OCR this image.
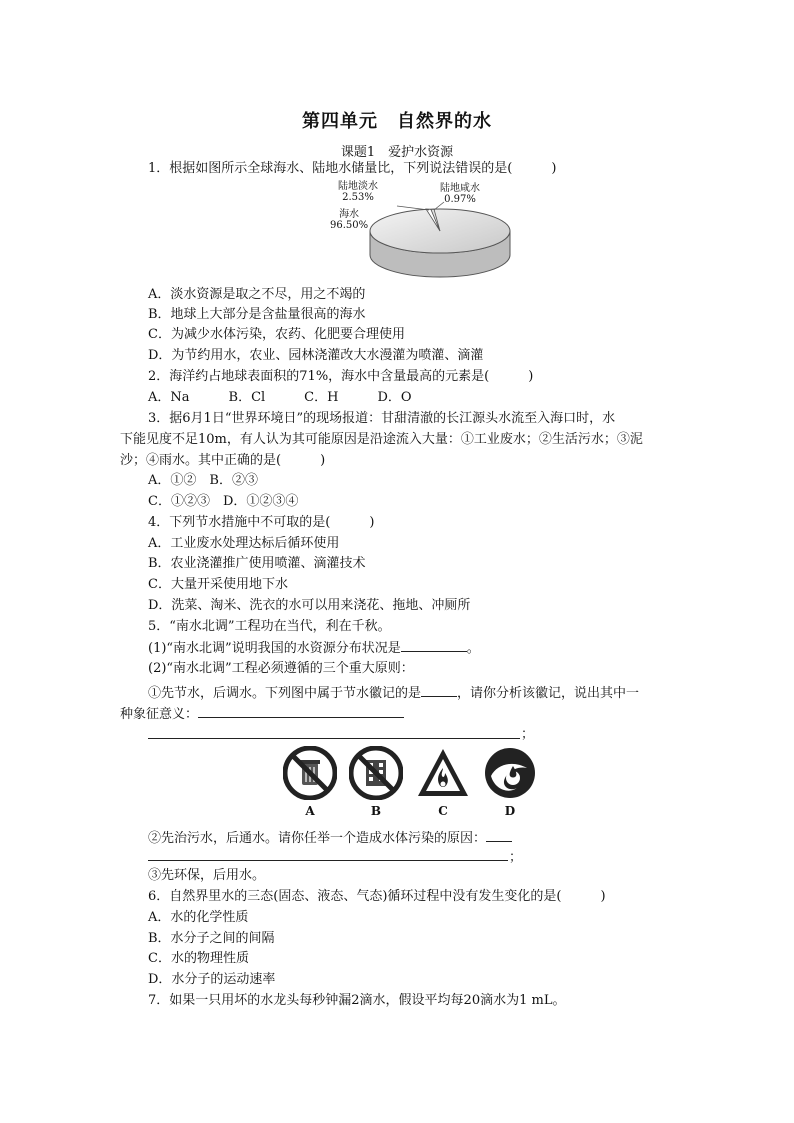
第四单元　自然界的水
课题1　爱护水资源
1．根据如图所示全球海水、陆地水储量比，下列说法错误的是(　　　)
海水
96.50%
陆地淡水
2.53%
陆地咸水
0.97%
A．淡水资源是取之不尽，用之不竭的
B．地球上大部分是含盐量很高的海水
C．为减少水体污染，农药、化肥要合理使用
D．为节约用水，农业、园林浇灌改大水漫灌为喷灌、滴灌
2．海洋约占地球表面积的71%，海水中含量最高的元素是(　　　)
A．Na　　　B．Cl　　　C．H　　　D．O
3．据6月1日“世界环境日”的现场报道：甘甜清澈的长江源头水流至入海口时，水
下能见度不足10m，有人认为其可能原因是沿途流入大量：①工业废水；②生活污水；③泥
沙；④雨水。其中正确的是(　　　)
A．①②　B．②③
C．①②③　D．①②③④
4．下列节水措施中不可取的是(　　　)
A．工业废水处理达标后循环使用
B．农业浇灌推广使用喷灌、滴灌技术
C．大量开采使用地下水
D．洗菜、淘米、洗衣的水可以用来浇花、拖地、冲厕所
5．“南水北调”工程功在当代，利在千秋。
(1)“南水北调”说明我国的水资源分布状况是	。
(2)“南水北调”工程必须遵循的三个重大原则：
①先节水，后调水。下列图中属于节水徽记的是	，请你分析该徽记，说出其中一
种象征意义：
；
A	B	C	D
②先治污水，后通水。请你任举一个造成水体污染的原因：
；
③先环保，后用水。
6．自然界里水的三态(固态、液态、气态)循环过程中没有发生变化的是(　　　)
A．水的化学性质
B．水分子之间的间隔
C．水的物理性质
D．水分子的运动速率
7．如果一只用坏的水龙头每秒钟漏2滴水，假设平均每20滴水为1 mL。
